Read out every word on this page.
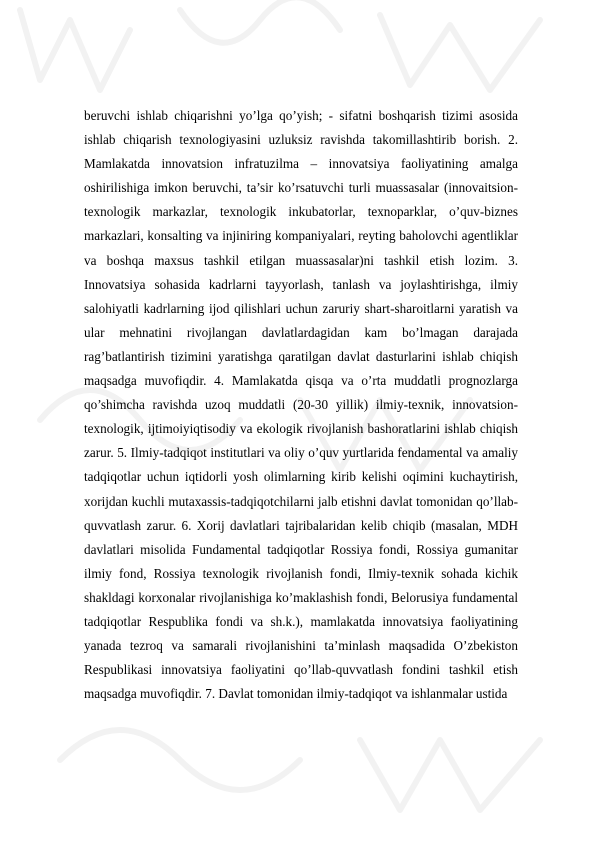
beruvchi ishlab chiqarishni yo’lga qo’yish; - sifatni boshqarish tizimi asosida ishlab chiqarish texnologiyasini uzluksiz ravishda takomillashtirib borish. 2. Mamlakatda innovatsion infratuzilma – innovatsiya faoliyatining amalga oshirilishiga imkon beruvchi, ta’sir ko’rsatuvchi turli muassasalar (innovaitsion-texnologik markazlar, texnologik inkubatorlar, texnoparklar, o’quv-biznes markazlari, konsalting va injiniring kompaniyalari, reyting baholovchi agentliklar va boshqa maxsus tashkil etilgan muassasalar)ni tashkil etish lozim. 3. Innovatsiya sohasida kadrlarni tayyorlash, tanlash va joylashtirishga, ilmiy salohiyatli kadrlarning ijod qilishlari uchun zaruriy shart-sharoitlarni yaratish va ular mehnatini rivojlangan davlatlardagidan kam bo’lmagan darajada rag’batlantirish tizimini yaratishga qaratilgan davlat dasturlarini ishlab chiqish maqsadga muvofiqdir. 4. Mamlakatda qisqa va o’rta muddatli prognozlarga qo’shimcha ravishda uzoq muddatli (20-30 yillik) ilmiy-texnik, innovatsion-texnologik, ijtimoiyiqtisodiy va ekologik rivojlanish bashoratlarini ishlab chiqish zarur. 5. Ilmiy-tadqiqot institutlari va oliy o’quv yurtlarida fendamental va amaliy tadqiqotlar uchun iqtidorli yosh olimlarning kirib kelishi oqimini kuchaytirish, xorijdan kuchli mutaxassis-tadqiqotchilarni jalb etishni davlat tomonidan qo’llab-quvvatlash zarur. 6. Xorij davlatlari tajribalaridan kelib chiqib (masalan, MDH davlatlari misolida Fundamental tadqiqotlar Rossiya fondi, Rossiya gumanitar ilmiy fond, Rossiya texnologik rivojlanish fondi, Ilmiy-texnik sohada kichik shakldagi korxonalar rivojlanishiga ko’maklashish fondi, Belorusiya fundamental tadqiqotlar Respublika fondi va sh.k.), mamlakatda innovatsiya faoliyatining yanada tezroq va samarali rivojlanishini ta’minlash maqsadida O’zbekiston Respublikasi innovatsiya faoliyatini qo’llab-quvvatlash fondini tashkil etish maqsadga muvofiqdir. 7. Davlat tomonidan ilmiy-tadqiqot va ishlanmalar ustida
